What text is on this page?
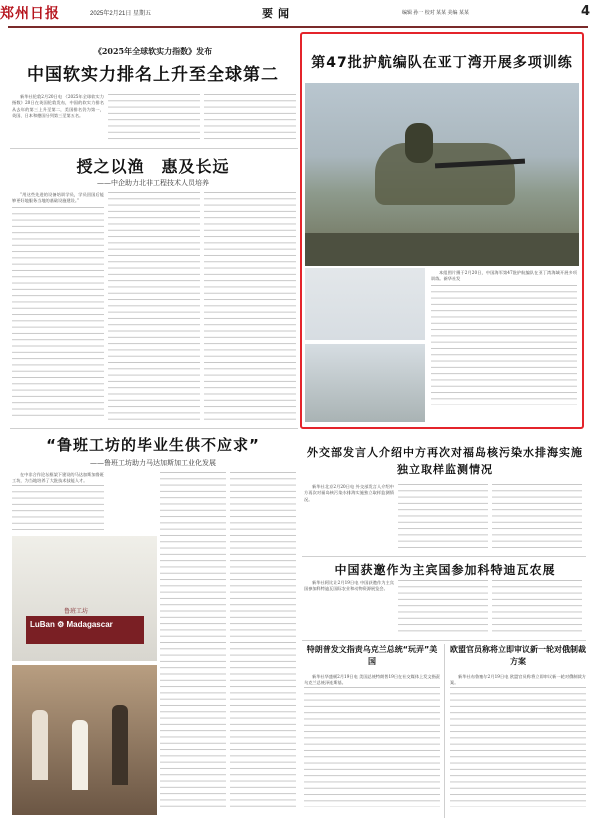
郑州日报	2025年2月21日 星期五	要闻	编辑 孙一 校对 某某 美编 某某	4
《2025年全球软实力指数》发布
中国软实力排名上升至全球第二
新华社伦敦2月20日电 《2025年全球软实力指数》20日在英国伦敦发布，中国的软实力排名从去年的第三上升至第二，美国排名仍为第一，英国、日本和德国分列第三至第五名。
授之以渔　惠及长远
——中企助力北非工程技术人员培养
“用这些先进的设备培训学员，学员回国后能够更好地服务当地的基础设施建设。”
“鲁班工坊的毕业生供不应求”
——鲁班工坊助力马达加斯加工业化发展
在中非合作论坛框架下建设的马达加斯加鲁班工坊，为当地培养了大批技术技能人才。
LuBan ⚙ Madagascar
鲁班工坊
第47批护航编队在亚丁湾开展多项训练
本组图片摄于2月20日，中国海军第47批护航编队在亚丁湾海域开展多项训练。新华社发
外交部发言人介绍中方再次对福岛核污染水排海实施独立取样监测情况
新华社北京2月20日电 外交部发言人介绍中方再次对福岛核污染水排海实施独立取样监测情况。
中国获邀作为主宾国参加科特迪瓦农展
新华社阿比让2月19日电 中国获邀作为主宾国参加科特迪瓦国际农业和动物资源展览会。
特朗普发文指责乌克兰总统“玩弄”美国
新华社华盛顿2月19日电 美国总统特朗普19日在社交媒体上发文指责乌克兰总统泽连斯基。
欧盟官员称将立即审议新一轮对俄制裁方案
新华社布鲁塞尔2月19日电 欧盟官员称将立即审议新一轮对俄制裁方案。
